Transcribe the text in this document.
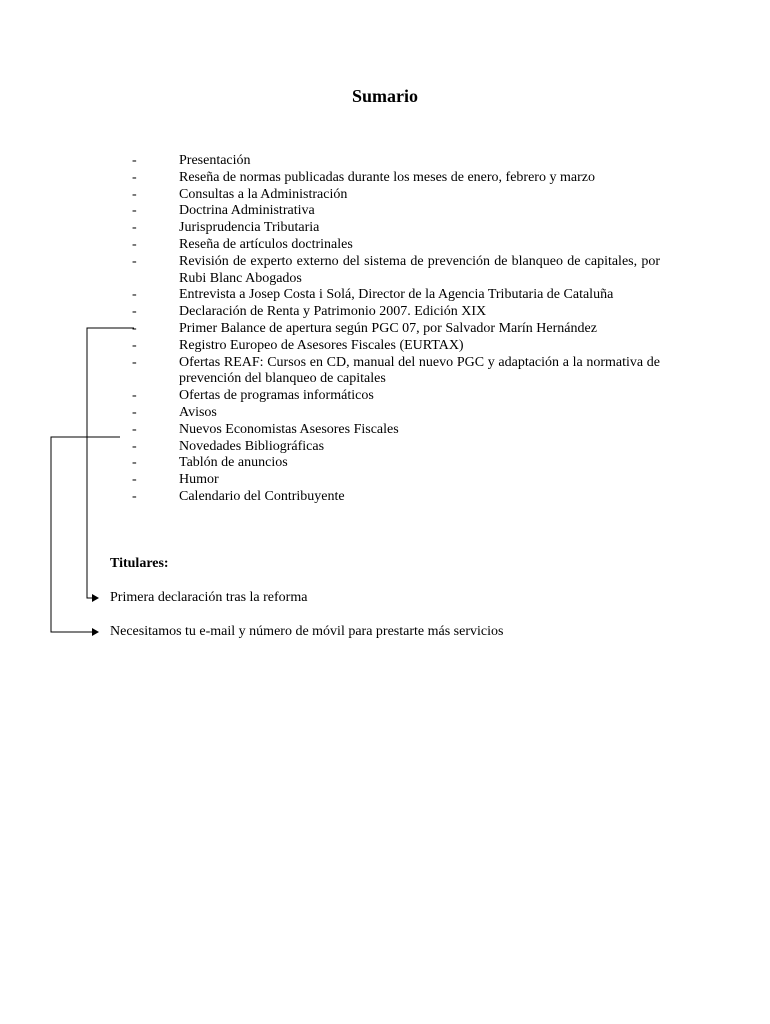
Sumario
-	Presentación
-	Reseña de normas publicadas durante los meses de enero, febrero y marzo
-	Consultas a la Administración
-	Doctrina Administrativa
-	Jurisprudencia Tributaria
-	Reseña de artículos doctrinales
-	Revisión de experto externo del sistema de prevención de blanqueo de capitales, por Rubi Blanc Abogados
-	Entrevista a Josep Costa i Solá, Director de la Agencia Tributaria de Cataluña
-	Declaración de Renta y Patrimonio 2007. Edición XIX
-	Primer Balance de apertura según PGC 07, por Salvador Marín Hernández
-	Registro Europeo de Asesores Fiscales (EURTAX)
-	Ofertas REAF: Cursos en CD, manual del nuevo PGC y adaptación a la normativa de prevención del blanqueo de capitales
-	Ofertas de programas informáticos
-	Avisos
-	Nuevos Economistas Asesores Fiscales
-	Novedades Bibliográficas
-	Tablón de anuncios
-	Humor
-	Calendario del Contribuyente
Titulares:
Primera declaración tras la reforma
Necesitamos tu e-mail y número de móvil para prestarte más servicios
